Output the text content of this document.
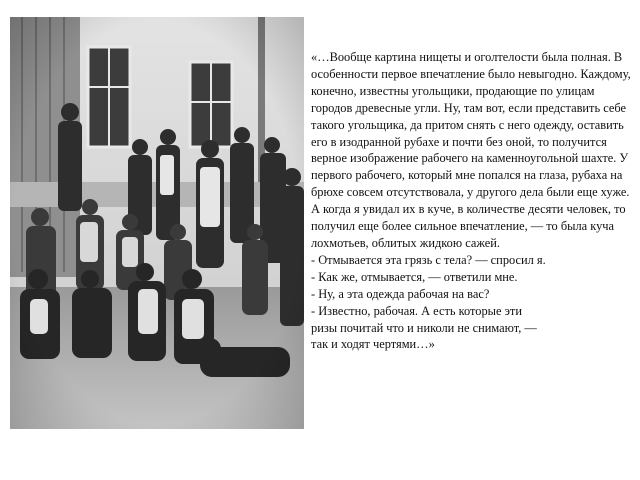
«…Вообще картина нищеты и оголтелости была полная. В особенности первое впечатление было невыгодно. Каждому, конечно, известны угольщики, продающие по улицам городов древесные угли. Ну, там вот, если представить себе такого угольщика, да притом снять с него одежду, оставить его в изодранной рубахе и почти без оной, то получится верное изображение рабочего на каменноугольной шахте. У первого рабочего, который мне попался на глаза, рубаха на брюхе совсем отсутствовала, у другого дела были еще хуже. А когда я увидал их в куче, в количестве десяти человек, то получил еще более сильное впечатление, — то была куча лохмотьев, облитых жидкою сажей.

- Отмывается эта грязь с тела? — спросил я.

- Как же, отмывается, — ответили мне.

- Ну, а эта одежда рабочая на вас?

- Известно, рабочая. А есть которые эти

ризы почитай что и николи не снимают, —

так и ходят чертями…»
